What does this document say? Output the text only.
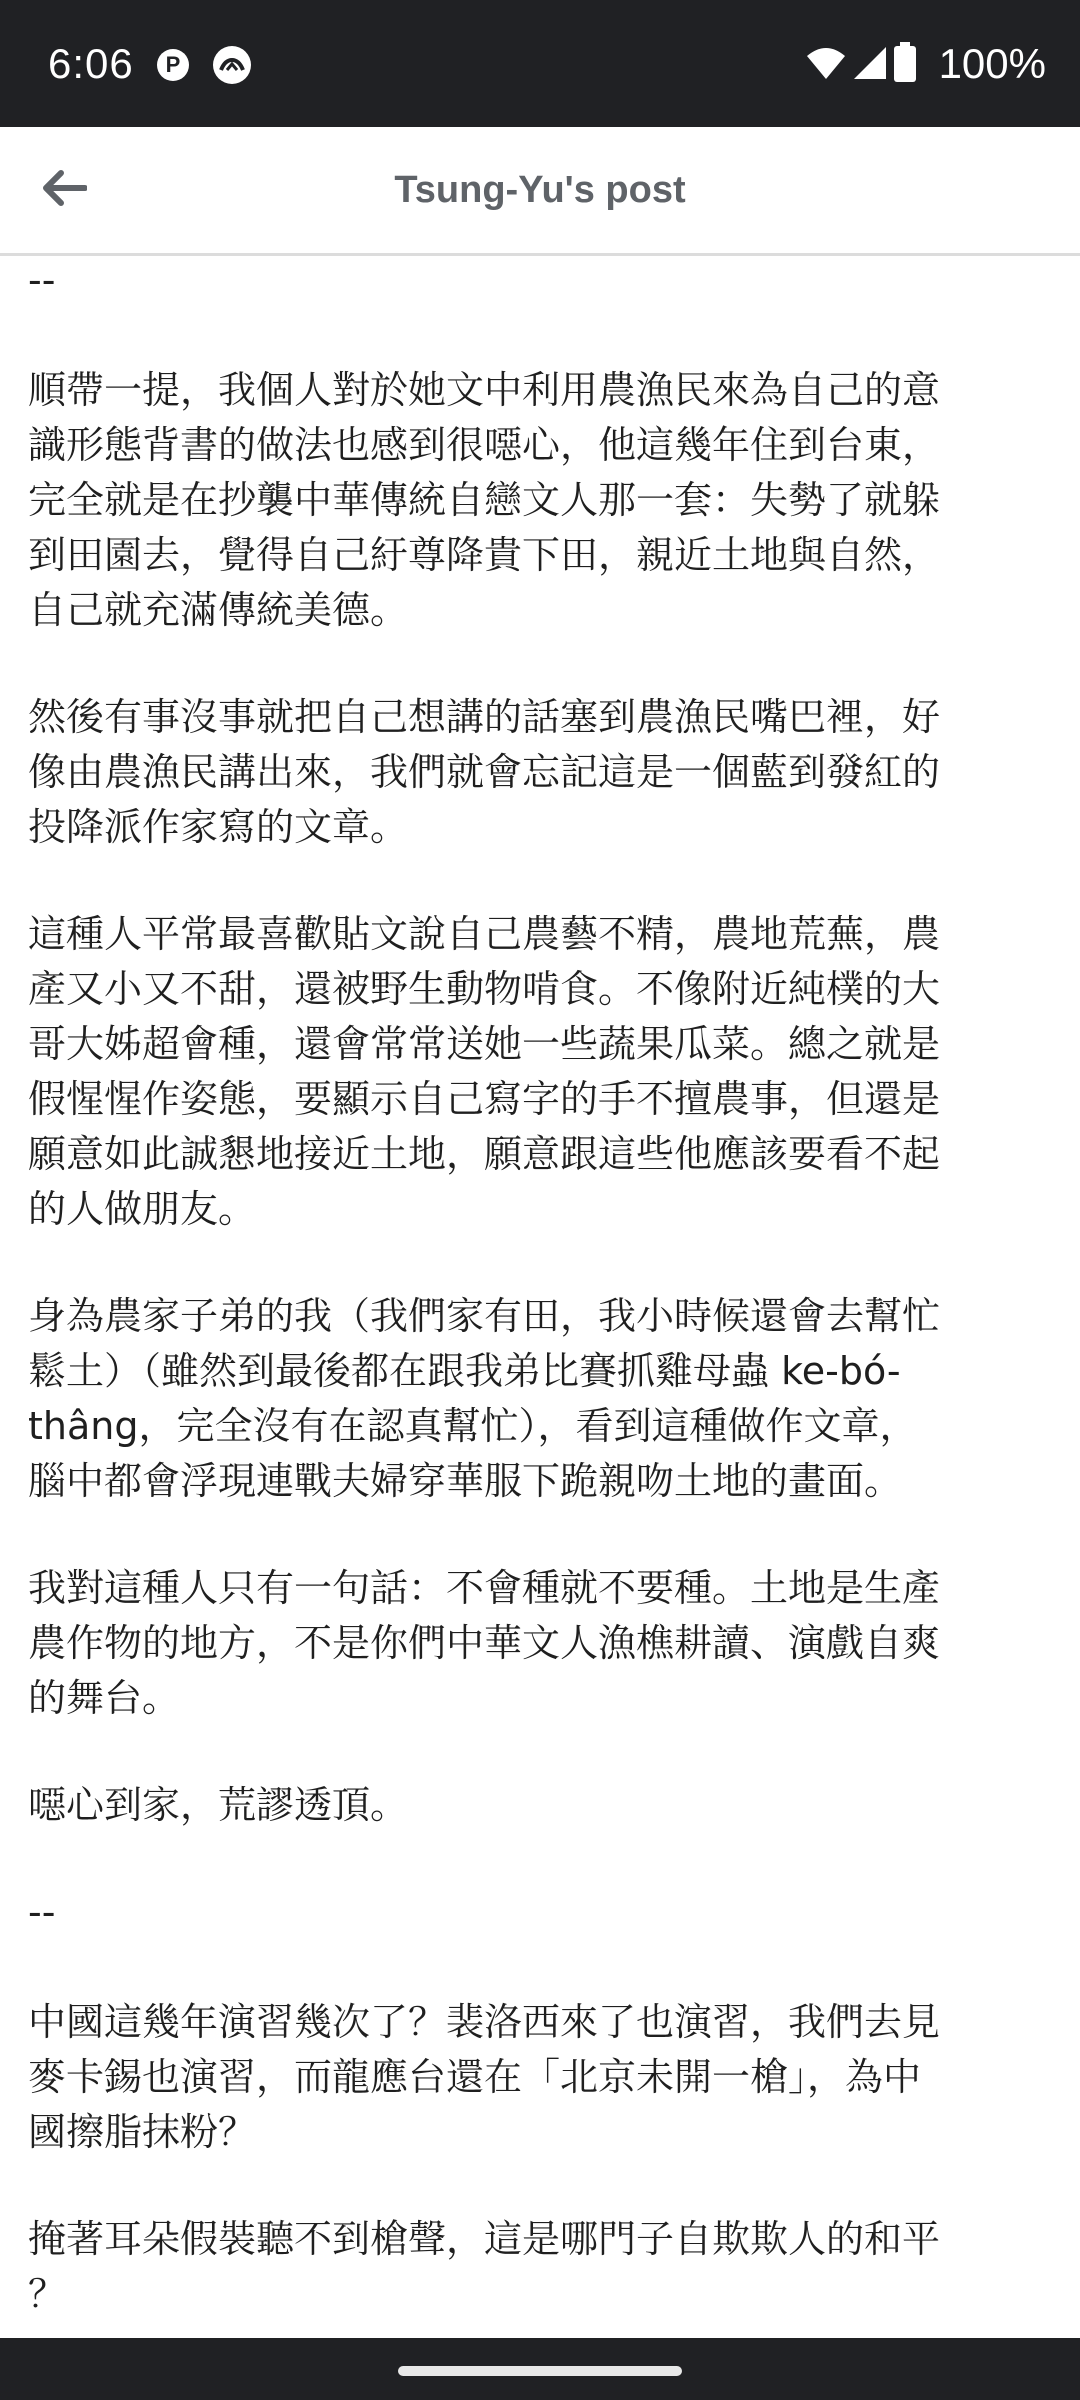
6:06	P	100%
Tsung-Yu's post

--

順帶一提，我個人對於她文中利用農漁民來為自己的意
識形態背書的做法也感到很噁心，他這幾年住到台東，
完全就是在抄襲中華傳統自戀文人那一套：失勢了就躲
到田園去，覺得自己紆尊降貴下田，親近土地與自然，
自己就充滿傳統美德。

然後有事沒事就把自己想講的話塞到農漁民嘴巴裡，好
像由農漁民講出來，我們就會忘記這是一個藍到發紅的
投降派作家寫的文章。

這種人平常最喜歡貼文說自己農藝不精，農地荒蕪，農
產又小又不甜，還被野生動物啃食。不像附近純樸的大
哥大姊超會種，還會常常送她一些蔬果瓜菜。總之就是
假惺惺作姿態，要顯示自己寫字的手不擅農事，但還是
願意如此誠懇地接近土地，願意跟這些他應該要看不起
的人做朋友。

身為農家子弟的我（我們家有田，我小時候還會去幫忙
鬆土）（雖然到最後都在跟我弟比賽抓雞母蟲 ke-bó-
thâng，完全沒有在認真幫忙），看到這種做作文章，
腦中都會浮現連戰夫婦穿華服下跪親吻土地的畫面。

我對這種人只有一句話：不會種就不要種。土地是生產
農作物的地方，不是你們中華文人漁樵耕讀、演戲自爽
的舞台。

噁心到家，荒謬透頂。

--

中國這幾年演習幾次了？裴洛西來了也演習，我們去見
麥卡錫也演習，而龍應台還在「北京未開一槍」，為中
國擦脂抹粉？

掩著耳朵假裝聽不到槍聲，這是哪門子自欺欺人的和平
？
